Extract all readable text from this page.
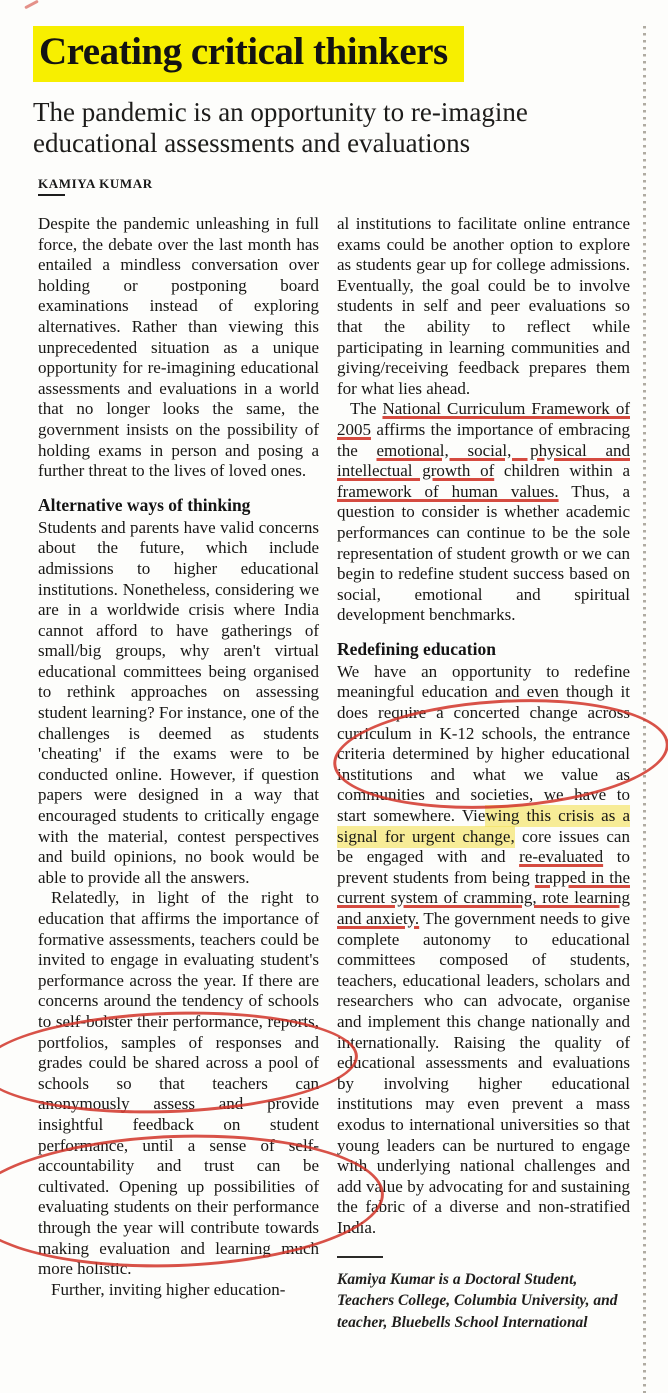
Creating critical thinkers
The pandemic is an opportunity to re-imagine educational assessments and evaluations
KAMIYA KUMAR

Despite the pandemic unleashing in full force, the debate over the last month has entailed a mindless conversation over holding or postponing board examinations instead of exploring alternatives. Rather than viewing this unprecedented situation as a unique opportunity for re-imagining educational assessments and evaluations in a world that no longer looks the same, the government insists on the possibility of holding exams in person and posing a further threat to the lives of loved ones.

Alternative ways of thinking

Students and parents have valid concerns about the future, which include admissions to higher educational institutions. Nonetheless, considering we are in a worldwide crisis where India cannot afford to have gatherings of small/big groups, why aren't virtual educational committees being organised to rethink approaches on assessing student learning? For instance, one of the challenges is deemed as students 'cheating' if the exams were to be conducted online. However, if question papers were designed in a way that encouraged students to critically engage with the material, contest perspectives and build opinions, no book would be able to provide all the answers.

Relatedly, in light of the right to education that affirms the importance of formative assessments, teachers could be invited to engage in evaluating student's performance across the year. If there are concerns around the tendency of schools to self-bolster their performance, reports, portfolios, samples of responses and grades could be shared across a pool of schools so that teachers can anonymously assess and provide insightful feedback on student performance, until a sense of self-accountability and trust can be cultivated. Opening up possibilities of evaluating students on their performance through the year will contribute towards making evaluation and learning much more holistic.

Further, inviting higher education-

al institutions to facilitate online entrance exams could be another option to explore as students gear up for college admissions. Eventually, the goal could be to involve students in self and peer evaluations so that the ability to reflect while participating in learning communities and giving/receiving feedback prepares them for what lies ahead.

The National Curriculum Framework of 2005 affirms the importance of embracing the emotional, social, physical and intellectual growth of children within a framework of human values. Thus, a question to consider is whether academic performances can continue to be the sole representation of student growth or we can begin to redefine student success based on social, emotional and spiritual development benchmarks.

Redefining education

We have an opportunity to redefine meaningful education and even though it does require a concerted change across curriculum in K-12 schools, the entrance criteria determined by higher educational institutions and what we value as communities and societies, we have to start somewhere. Viewing this crisis as a signal for urgent change, core issues can be engaged with and re-evaluated to prevent students from being trapped in the current system of cramming, rote learning and anxiety. The government needs to give complete autonomy to educational committees composed of students, teachers, educational leaders, scholars and researchers who can advocate, organise and implement this change nationally and internationally. Raising the quality of educational assessments and evaluations by involving higher educational institutions may even prevent a mass exodus to international universities so that young leaders can be nurtured to engage with underlying national challenges and add value by advocating for and sustaining the fabric of a diverse and non-stratified India.

Kamiya Kumar is a Doctoral Student,
Teachers College, Columbia University, and
teacher, Bluebells School International
